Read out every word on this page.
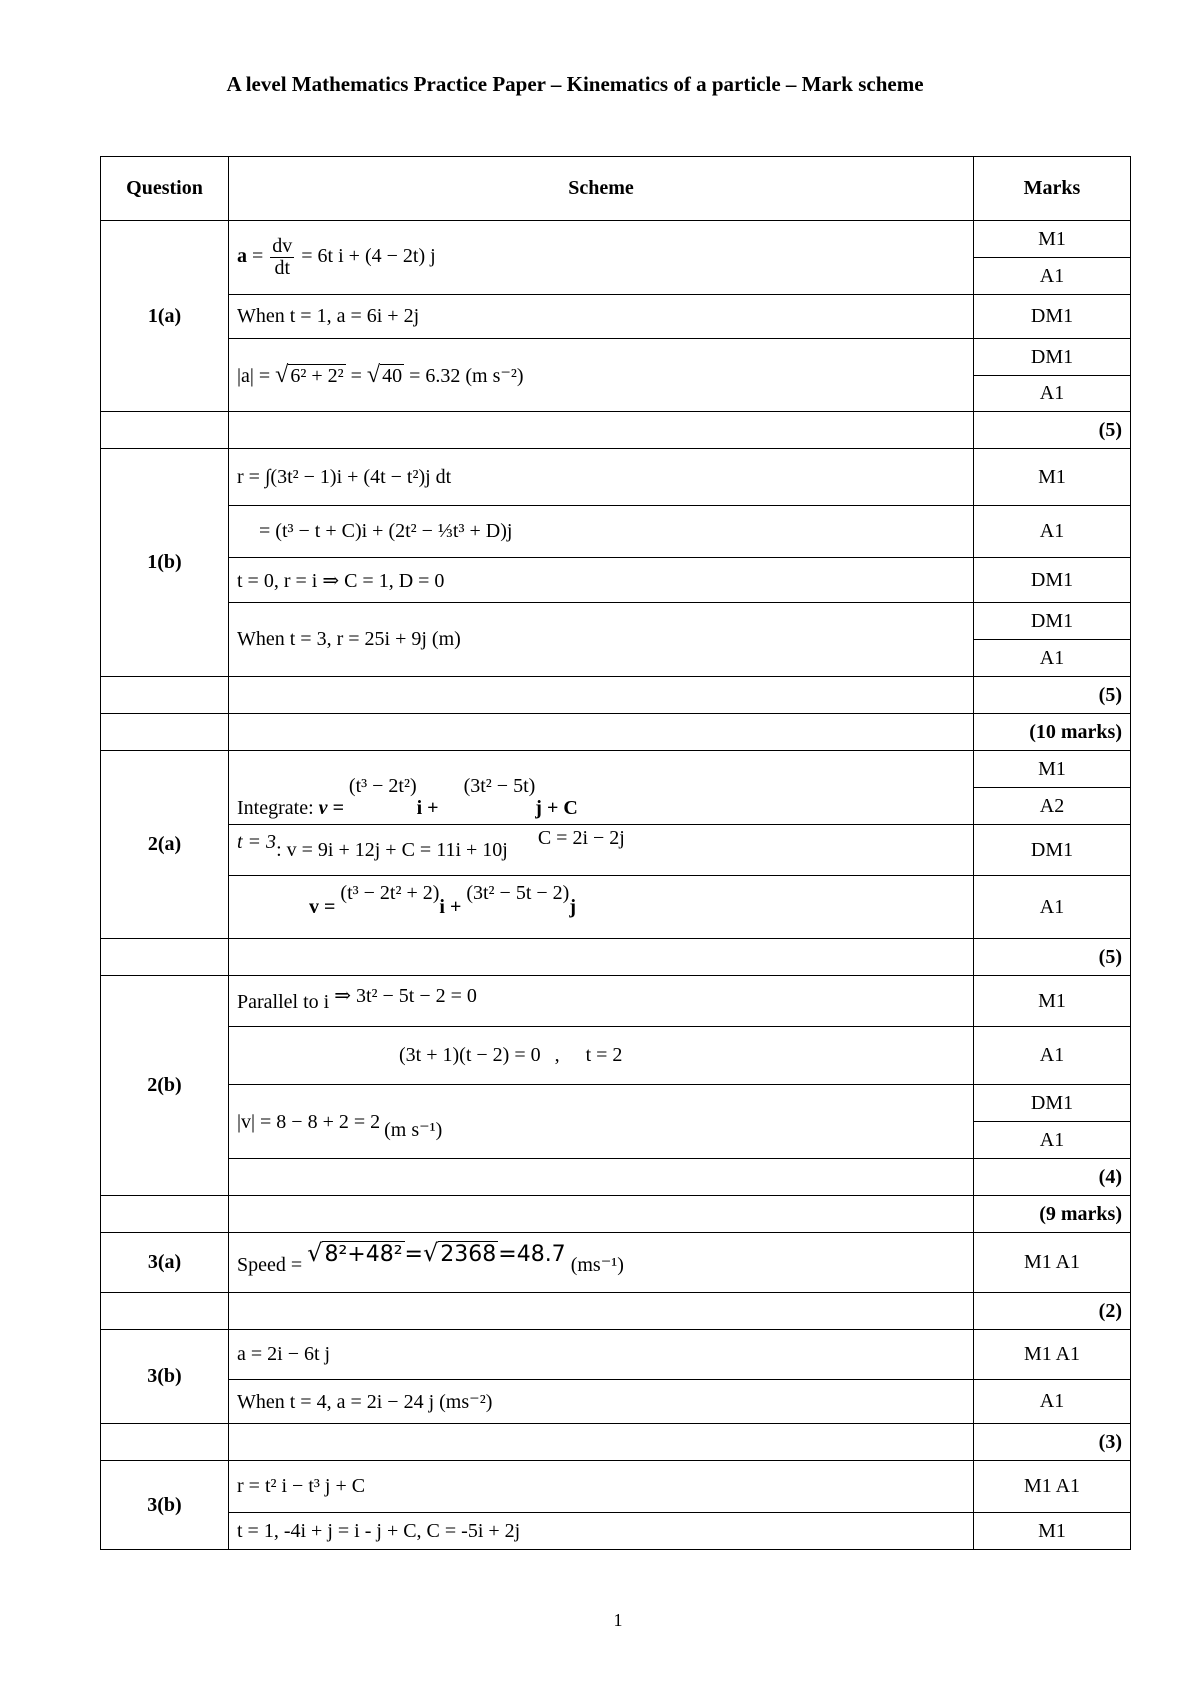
A level Mathematics Practice Paper – Kinematics of a particle – Mark scheme
Question	Scheme	Marks
1(a)	$a = \frac{dv}{dt} = 6t$ i + (4 − 2t) j	M1
		A1
	When t = 1, a = 6i + 2j	DM1
	|a| = √ 6² + 2² = √ 40 = 6.32 (m s⁻²)	DM1
		A1
		(5)
1(b)	r = ∫(3t² − 1)i + (4t − t²)j dt	M1
	= (t³ − t + C)i + (2t² − ⅓t³ + D)j	A1
	t = 0, r = i ⇒ C = 1, D = 0	DM1
	When t = 3, r = 25i + 9j (m)	DM1
		A1
		(5)
		(10 marks)
2(a)	Integrate: v = (t³ − 2t²)i + (3t² − 5t)j + C	M1
		A2
	t = 3: v = 9i + 12j + C = 11i + 10jC = 2i − 2j	DM1
	v = (t³ − 2t² + 2)i + (3t² − 5t − 2)j	A1
		(5)
2(b)	Parallel to i ⇒ 3t² − 5t − 2 = 0	M1
	(3t + 1)(t − 2) = 0 , t = 2	A1
	|v| = 8 − 8 + 2 = 2 (m s⁻¹)	DM1
		A1
		(4)
		(9 marks)
3(a)	Speed = √8²+48²=√2368=48.7 (ms⁻¹)	M1 A1
		(2)
3(b)	a = 2i − 6t j	M1 A1
	When t = 4, a = 2i − 24 j (ms⁻²)	A1
		(3)
3(b)	r = t² i − t³ j + C	M1 A1
	t = 1, -4i + j = i - j + C, C = -5i + 2j	M1
1
